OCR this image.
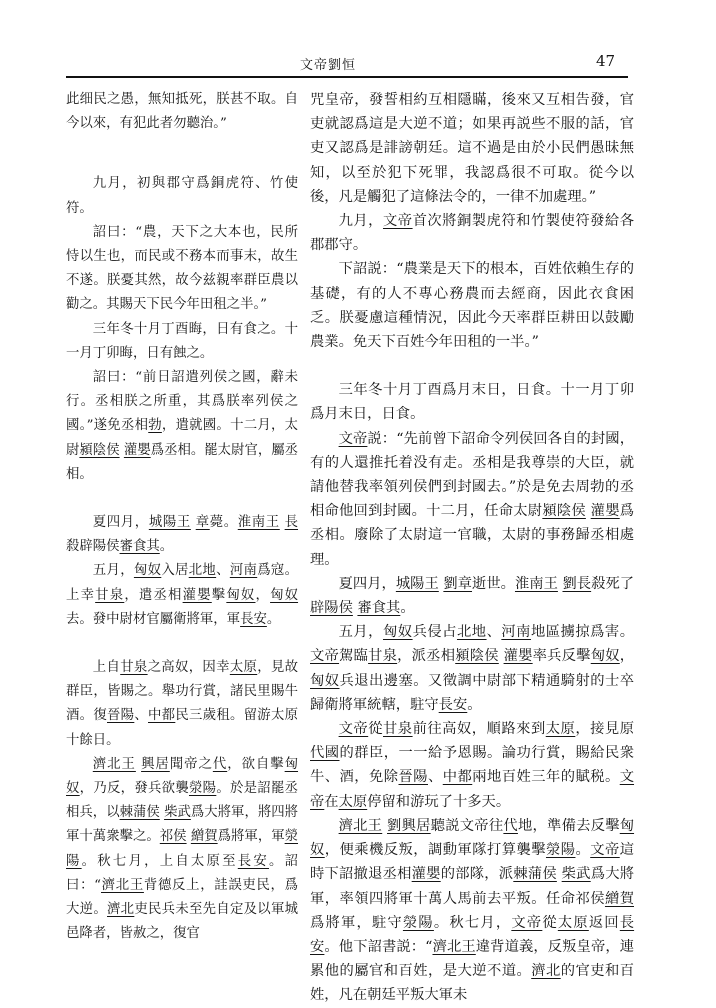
文帝劉恒	47

此细民之愚，無知抵死，朕甚不取。自今以來，有犯此者勿聽治。”

九月，初與郡守爲銅虎符、竹使符。

詔曰：“農，天下之大本也，民所恃以生也，而民或不務本而事末，故生不遂。朕憂其然，故今兹親率群臣農以勸之。其賜天下民今年田租之半。”

三年冬十月丁酉晦，日有食之。十一月丁卯晦，日有蝕之。

詔曰：“前日詔遣列侯之國，辭未行。丞相朕之所重，其爲朕率列侯之國。”遂免丞相勃，遣就國。十二月，太尉潁陰侯 灌嬰爲丞相。罷太尉官，屬丞相。

夏四月，城陽王 章薨。淮南王 長殺辟陽侯審食其。

五月，匈奴入居北地、河南爲寇。上幸甘泉，遣丞相灌嬰擊匈奴，匈奴去。發中尉材官屬衛將軍，軍長安。

上自甘泉之高奴，因幸太原，見故群臣，皆賜之。舉功行賞，諸民里賜牛酒。復晉陽、中都民三歲租。留游太原十餘日。

濟北王 興居聞帝之代，欲自擊匈奴，乃反，發兵欲襲滎陽。於是詔罷丞相兵，以棘蒲侯 柴武爲大將軍，將四將軍十萬衆擊之。祁侯 繒賀爲將軍，軍滎陽。秋七月，上自太原至長安。詔曰：“濟北王背德反上，詿誤吏民，爲大逆。濟北吏民兵未至先自定及以軍城邑降者，皆赦之，復官

咒皇帝，發誓相約互相隱瞞，後來又互相告發，官吏就認爲這是大逆不道；如果再説些不服的話，官吏又認爲是誹謗朝廷。這不過是由於小民們愚昧無知，以至於犯下死罪，我認爲很不可取。從今以後，凡是觸犯了這條法令的，一律不加處理。”

九月，文帝首次將銅製虎符和竹製使符發給各郡郡守。

下詔説：“農業是天下的根本，百姓依賴生存的基礎，有的人不專心務農而去經商，因此衣食困乏。朕憂慮這種情況，因此今天率群臣耕田以鼓勵農業。免天下百姓今年田租的一半。”

三年冬十月丁酉爲月末日，日食。十一月丁卯爲月末日，日食。

文帝説：“先前曾下詔命令列侯回各自的封國，有的人還推托着没有走。丞相是我尊崇的大臣，就請他替我率領列侯們到封國去。”於是免去周勃的丞相命他回到封國。十二月，任命太尉潁陰侯 灌嬰爲丞相。廢除了太尉這一官職，太尉的事務歸丞相處理。

夏四月，城陽王 劉章逝世。淮南王 劉長殺死了辟陽侯 審食其。

五月，匈奴兵侵占北地、河南地區擄掠爲害。文帝駕臨甘泉，派丞相潁陰侯 灌嬰率兵反擊匈奴，匈奴兵退出邊塞。又徵調中尉部下精通騎射的士卒歸衛將軍統轄，駐守長安。

文帝從甘泉前往高奴，順路來到太原，接見原代國的群臣，一一給予恩賜。論功行賞，賜給民衆牛、酒，免除晉陽、中都兩地百姓三年的賦税。文帝在太原停留和游玩了十多天。

濟北王 劉興居聽説文帝往代地，準備去反擊匈奴，便乘機反叛，調動軍隊打算襲擊滎陽。文帝這時下詔撤退丞相灌嬰的部隊，派棘蒲侯 柴武爲大將軍，率領四將軍十萬人馬前去平叛。任命祁侯繒賀爲將軍，駐守滎陽。秋七月，文帝從太原返回長安。他下詔書説：“濟北王違背道義，反叛皇帝，連累他的屬官和百姓，是大逆不道。濟北的官吏和百姓，凡在朝廷平叛大軍未
